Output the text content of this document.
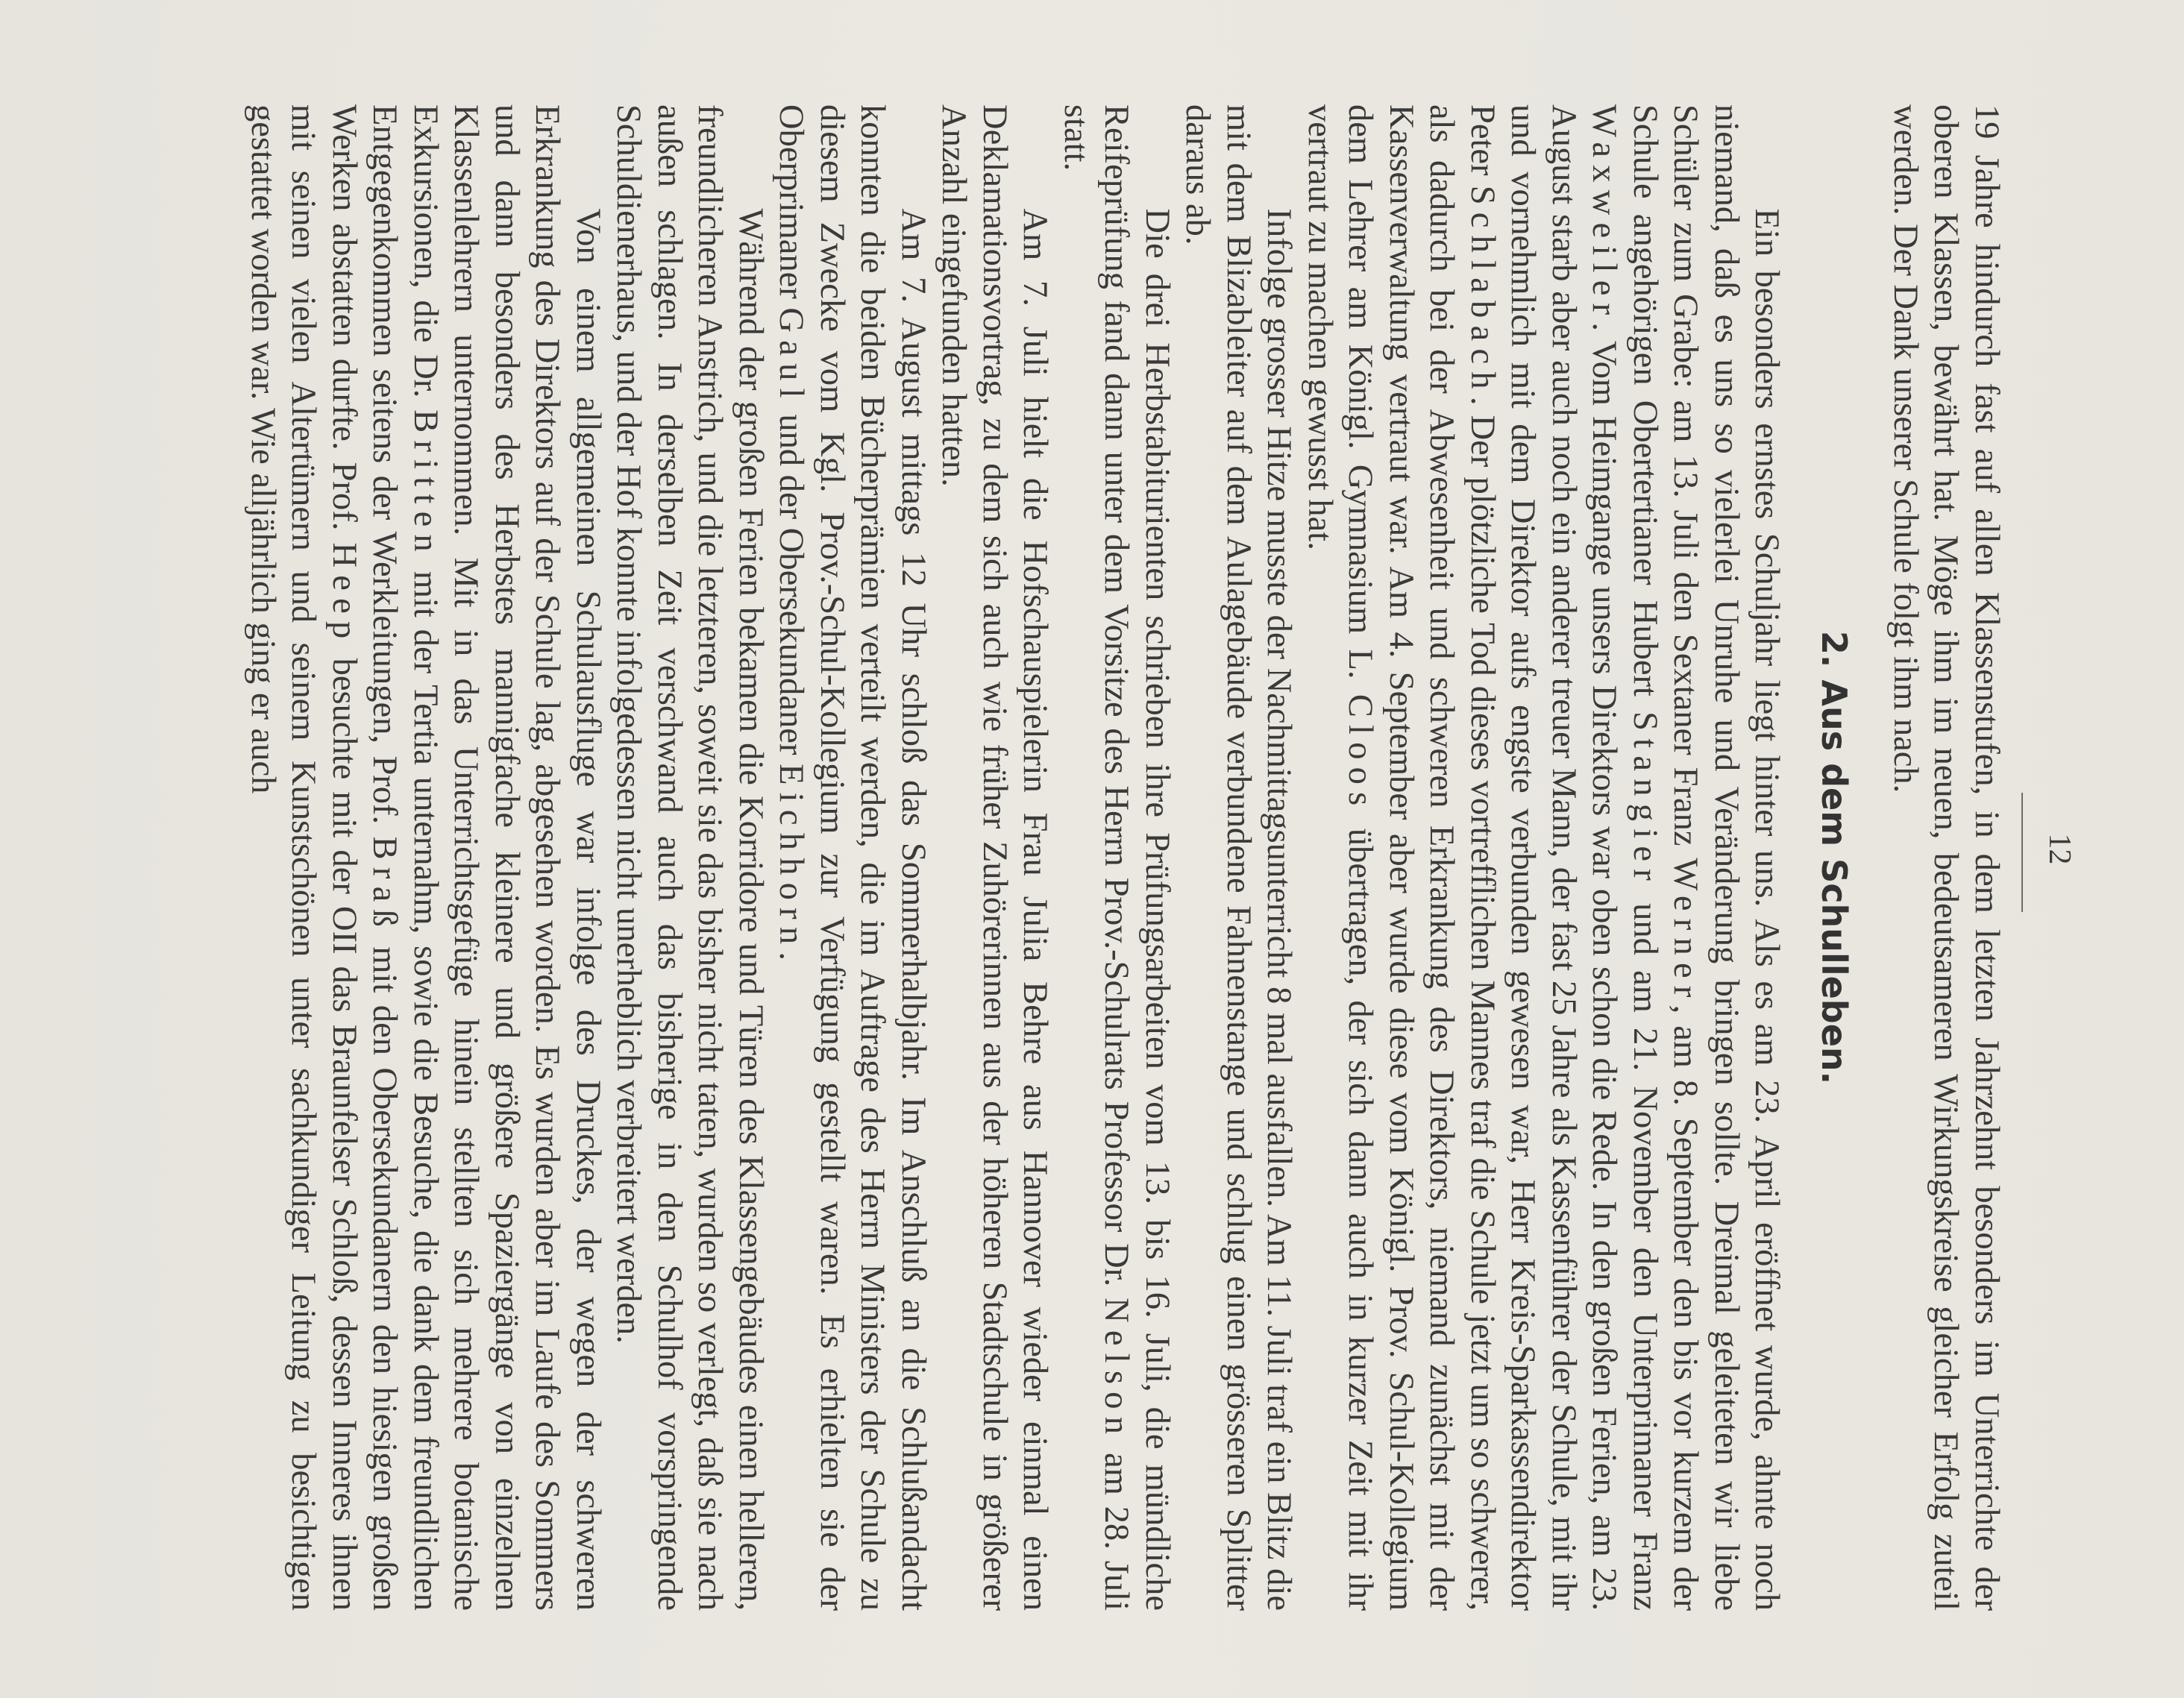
12

19 Jahre hindurch fast auf allen Klassenstufen, in dem letzten Jahrzehnt besonders im Unterrichte der oberen Klassen, bewährt hat. Möge ihm im neuen, bedeutsameren Wirkungskreise gleicher Erfolg zuteil werden. Der Dank unserer Schule folgt ihm nach.

2. Aus dem Schulleben.

Ein besonders ernstes Schuljahr liegt hinter uns. Als es am 23. April eröffnet wurde, ahnte noch niemand, daß es uns so vielerlei Unruhe und Veränderung bringen sollte. Dreimal geleiteten wir liebe Schüler zum Grabe: am 13. Juli den Sextaner Franz Werner, am 8. September den bis vor kurzem der Schule angehörigen Obertertianer Hubert Stangier und am 21. November den Unterprimaner Franz Waxweiler. Vom Heimgange unsers Direktors war oben schon die Rede. In den großen Ferien, am 23. August starb aber auch noch ein anderer treuer Mann, der fast 25 Jahre als Kassenführer der Schule, mit ihr und vornehmlich mit dem Direktor aufs engste verbunden gewesen war, Herr Kreis-Sparkassendirektor Peter Schlabach. Der plötzliche Tod dieses vortrefflichen Mannes traf die Schule jetzt um so schwerer, als dadurch bei der Abwesenheit und schweren Erkrankung des Direktors, niemand zunächst mit der Kassenverwaltung vertraut war. Am 4. September aber wurde diese vom Königl. Prov. Schul-Kollegium dem Lehrer am Königl. Gymnasium L. Cloos übertragen, der sich dann auch in kurzer Zeit mit ihr vertraut zu machen gewusst hat.

Infolge grosser Hitze musste der Nachmittagsunterricht 8 mal ausfallen. Am 11. Juli traf ein Blitz die mit dem Blizableiter auf dem Aulagebäude verbundene Fahnenstange und schlug einen grösseren Splitter daraus ab.

Die drei Herbstabiturienten schrieben ihre Prüfungsarbeiten vom 13. bis 16. Juli, die mündliche Reifeprüfung fand dann unter dem Vorsitze des Herrn Prov.-Schulrats Professor Dr. Nelson am 28. Juli statt.

Am 7. Juli hielt die Hofschauspielerin Frau Julia Behre aus Hannover wieder einmal einen Deklamationsvortrag, zu dem sich auch wie früher Zuhörerinnen aus der höheren Stadtschule in größerer Anzahl eingefunden hatten.

Am 7. August mittags 12 Uhr schloß das Sommerhalbjahr. Im Anschluß an die Schlußandacht konnten die beiden Bücherprämien verteilt werden, die im Auftrage des Herrn Ministers der Schule zu diesem Zwecke vom Kgl. Prov.-Schul-Kollegium zur Verfügung gestellt waren. Es erhielten sie der Oberprimaner Gaul und der Obersekundaner Eichhorn.

Während der großen Ferien bekamen die Korridore und Türen des Klassengebäudes einen helleren, freundlicheren Anstrich, und die letzteren, soweit sie das bisher nicht taten, wurden so verlegt, daß sie nach außen schlagen. In derselben Zeit verschwand auch das bisherige in den Schulhof vorspringende Schuldienerhaus, und der Hof konnte infolgedessen nicht unerheblich verbreitert werden.

Von einem allgemeinen Schulausfluge war infolge des Druckes, der wegen der schweren Erkrankung des Direktors auf der Schule lag, abgesehen worden. Es wurden aber im Laufe des Sommers und dann besonders des Herbstes mannigfache kleinere und größere Spaziergänge von einzelnen Klassenlehrern unternommen. Mit in das Unterrichtsgefüge hinein stellten sich mehrere botanische Exkursionen, die Dr. Britten mit der Tertia unternahm, sowie die Besuche, die dank dem freundlichen Entgegenkommen seitens der Werkleitungen, Prof. Braß mit den Obersekundanern den hiesigen großen Werken abstatten durfte. Prof. Heep besuchte mit der OII das Braunfelser Schloß, dessen Inneres ihnen mit seinen vielen Altertümern und seinem Kunstschönen unter sachkundiger Leitung zu besichtigen gestattet worden war. Wie alljährlich ging er auch
